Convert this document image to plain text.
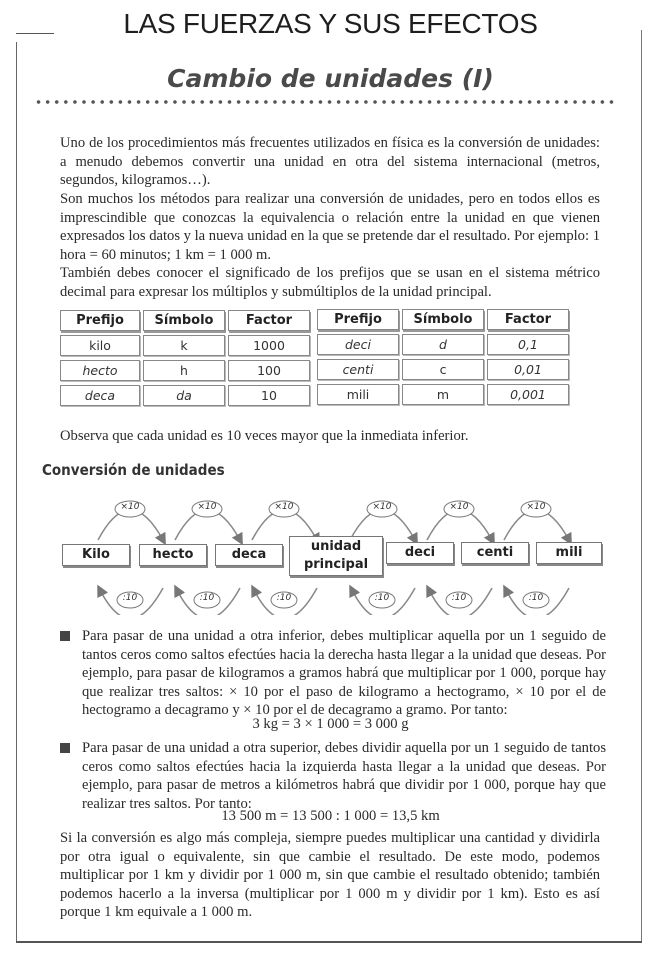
LAS FUERZAS Y SUS EFECTOS
Cambio de unidades (I)

Uno de los procedimientos más frecuentes utilizados en física es la conversión de unidades: a menudo debemos convertir una unidad en otra del sistema internacional (metros, segundos, kilogramos…).

Son muchos los métodos para realizar una conversión de unidades, pero en todos ellos es imprescindible que conozcas la equivalencia o relación entre la unidad en que vienen expresados los datos y la nueva unidad en la que se pretende dar el resultado. Por ejemplo: 1 hora = 60 minutos; 1 km = 1 000 m.

También debes conocer el significado de los prefijos que se usan en el sistema métrico decimal para expresar los múltiplos y submúltiplos de la unidad principal.

Prefijo	Símbolo	Factor
kilo	k	1000
hecto	h	100
deca	da	10
Prefijo	Símbolo	Factor
deci	d	0,1
centi	c	0,01
mili	m	0,001

Observa que cada unidad es 10 veces mayor que la inmediata inferior.

Conversión de unidades
×10	×10	×10	×10	×10	×10
:10	:10	:10	:10	:10	:10
Kilo	hecto	deca
unidad principal
deci	centi	mili

Para pasar de una unidad a otra inferior, debes multiplicar aquella por un 1 seguido de tantos ceros como saltos efectúes hacia la derecha hasta llegar a la unidad que deseas. Por ejemplo, para pasar de kilogramos a gramos habrá que multiplicar por 1 000, porque hay que realizar tres saltos: × 10 por el paso de kilogramo a hectogramo, × 10 por el de hectogramo a decagramo y × 10 por el de decagramo a gramo. Por tanto:

3 kg = 3 × 1 000 = 3 000 g

Para pasar de una unidad a otra superior, debes dividir aquella por un 1 seguido de tantos ceros como saltos efectúes hacia la izquierda hasta llegar a la unidad que deseas. Por ejemplo, para pasar de metros a kilómetros habrá que dividir por 1 000, porque hay que realizar tres saltos. Por tanto:

13 500 m = 13 500 : 1 000 = 13,5 km

Si la conversión es algo más compleja, siempre puedes multiplicar una cantidad y dividirla por otra igual o equivalente, sin que cambie el resultado. De este modo, podemos multiplicar por 1 km y dividir por 1 000 m, sin que cambie el resultado obtenido; también podemos hacerlo a la inversa (multiplicar por 1 000 m y dividir por 1 km). Esto es así porque 1 km equivale a 1 000 m.
